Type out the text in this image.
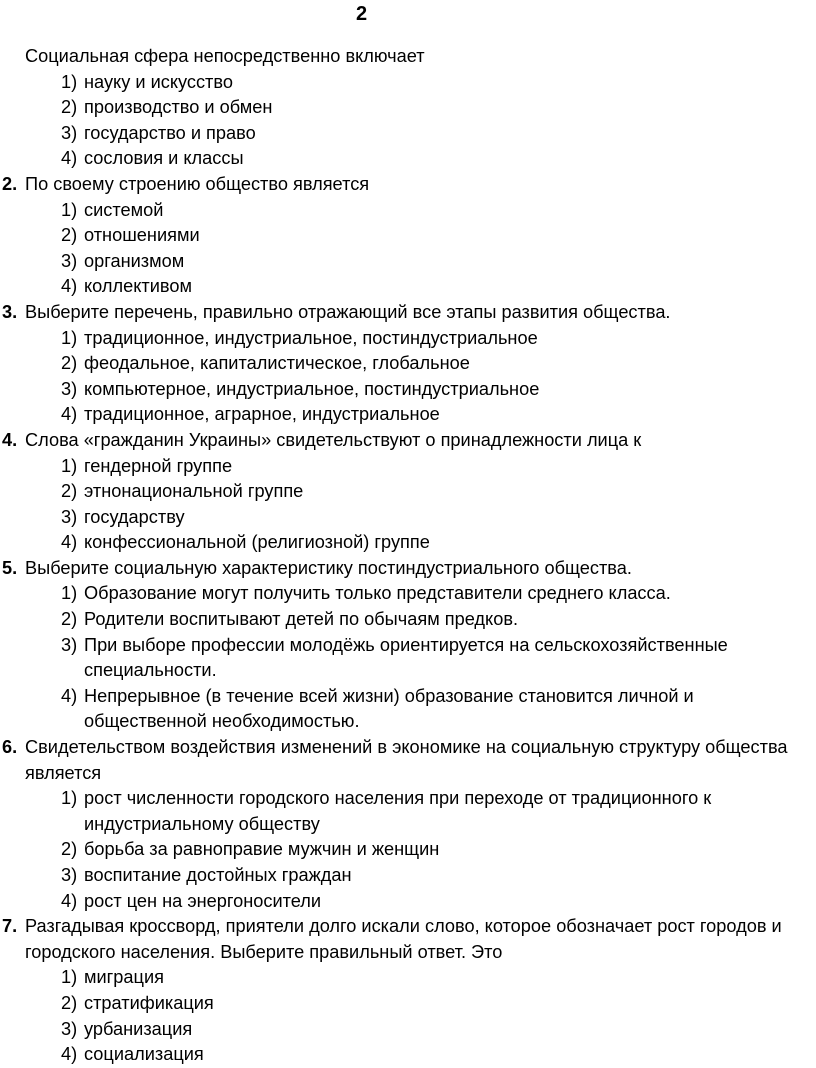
2
Социальная сфера непосредственно включает
1) науку и искусство
2) производство и обмен
3) государство и право
4) сословия и классы
2. По своему строению общество является
1) системой
2) отношениями
3) организмом
4) коллективом
3. Выберите перечень, правильно отражающий все этапы развития общества.
1) традиционное, индустриальное, постиндустриальное
2) феодальное, капиталистическое, глобальное
3) компьютерное, индустриальное, постиндустриальное
4) традиционное, аграрное, индустриальное
4. Слова «гражданин Украины» свидетельствуют о принадлежности лица к
1) гендерной группе
2) этнонациональной группе
3) государству
4) конфессиональной (религиозной) группе
5. Выберите социальную характеристику постиндустриального общества.
1) Образование могут получить только представители среднего класса.
2) Родители воспитывают детей по обычаям предков.
3) При выборе профессии молодёжь ориентируется на сельскохозяйственные специальности.
4) Непрерывное (в течение всей жизни) образование становится личной и общественной необходимостью.
6. Свидетельством воздействия изменений в экономике на социальную структуру общества является
1) рост численности городского населения при переходе от традиционного к индустриальному обществу
2) борьба за равноправие мужчин и женщин
3) воспитание достойных граждан
4) рост цен на энергоносители
7. Разгадывая кроссворд, приятели долго искали слово, которое обозначает рост городов и городского населения. Выберите правильный ответ. Это
1) миграция
2) стратификация
3) урбанизация
4) социализация
